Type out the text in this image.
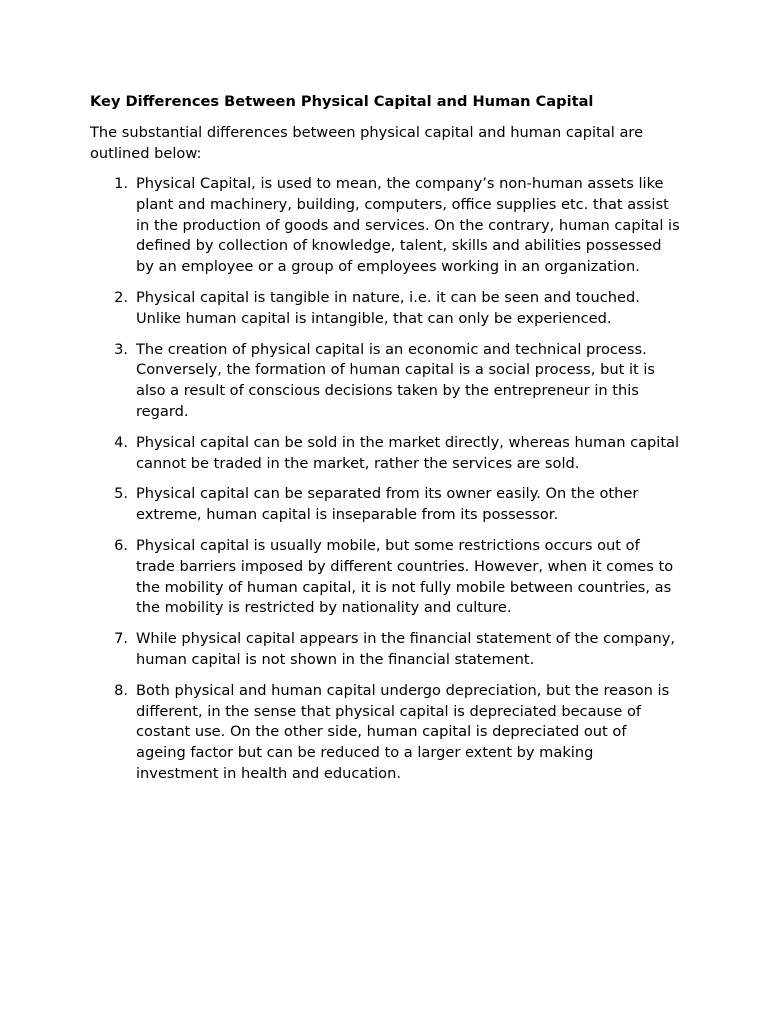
Key Differences Between Physical Capital and Human Capital
The substantial differences between physical capital and human capital are outlined below:
1. Physical Capital, is used to mean, the company’s non-human assets like plant and machinery, building, computers, office supplies etc. that assist in the production of goods and services. On the contrary, human capital is defined by collection of knowledge, talent, skills and abilities possessed by an employee or a group of employees working in an organization.
2. Physical capital is tangible in nature, i.e. it can be seen and touched. Unlike human capital is intangible, that can only be experienced.
3. The creation of physical capital is an economic and technical process. Conversely, the formation of human capital is a social process, but it is also a result of conscious decisions taken by the entrepreneur in this regard.
4. Physical capital can be sold in the market directly, whereas human capital cannot be traded in the market, rather the services are sold.
5. Physical capital can be separated from its owner easily. On the other extreme, human capital is inseparable from its possessor.
6. Physical capital is usually mobile, but some restrictions occurs out of trade barriers imposed by different countries. However, when it comes to the mobility of human capital, it is not fully mobile between countries, as the mobility is restricted by nationality and culture.
7. While physical capital appears in the financial statement of the company, human capital is not shown in the financial statement.
8. Both physical and human capital undergo depreciation, but the reason is different, in the sense that physical capital is depreciated because of costant use. On the other side, human capital is depreciated out of ageing factor but can be reduced to a larger extent by making investment in health and education.
